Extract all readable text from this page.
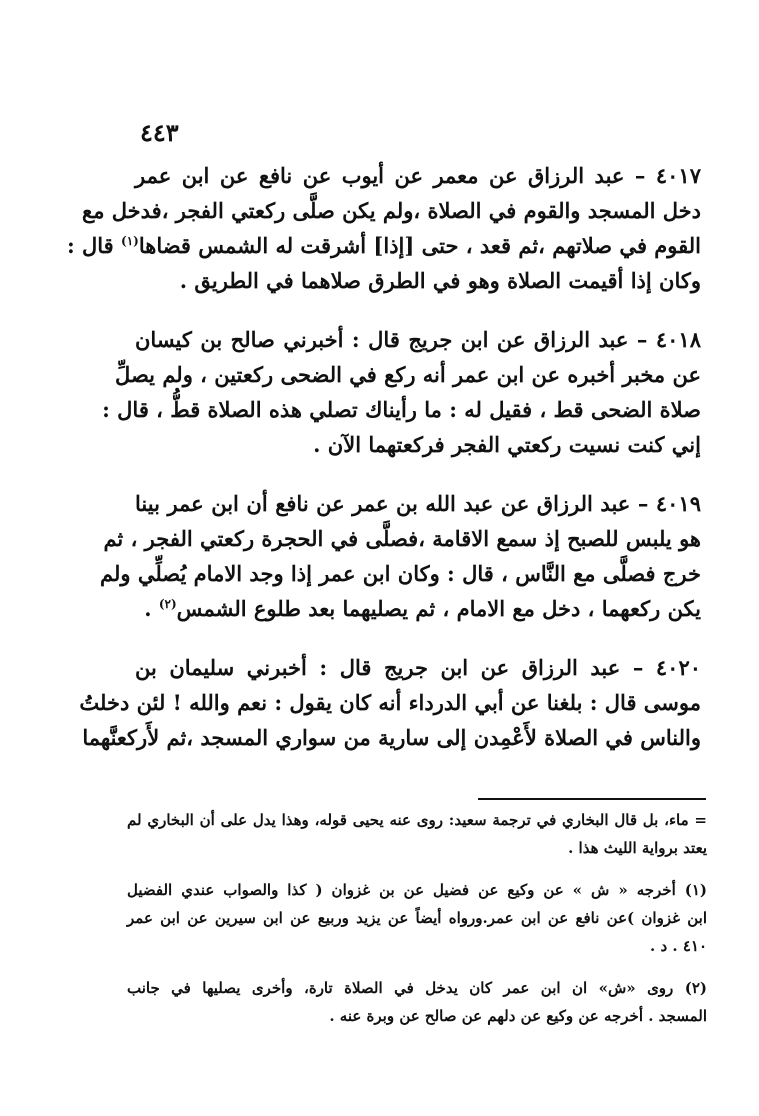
٤٤٣
٤٠١٧ – عبد الرزاق عن معمر عن أيوب عن نافع عن ابن عمر
دخل المسجد والقوم في الصلاة ،ولم يكن صلَّى ركعتي الفجر ،فدخل مع
القوم في صلاتهم ،ثم قعد ، حتى [إذا] أشرقت له الشمس قضاها$^{(١)}$ قال :
وكان إذا أقيمت الصلاة وهو في الطرق صلاهما في الطريق .
٤٠١٨ – عبد الرزاق عن ابن جريج قال : أخبرني صالح بن كيسان
عن مخبر أخبره عن ابن عمر أنه ركع في الضحى ركعتين ، ولم يصلِّ
صلاة الضحى قط ، فقيل له : ما رأيناك تصلي هذه الصلاة قطُّ ، قال :
إني كنت نسيت ركعتي الفجر فركعتهما الآن .
٤٠١٩ – عبد الرزاق عن عبد الله بن عمر عن نافع أن ابن عمر بينا
هو يلبس للصبح إذ سمع الاقامة ،فصلَّى في الحجرة ركعتي الفجر ، ثم
خرج فصلَّى مع النَّاس ، قال : وكان ابن عمر إذا وجد الامام يُصلِّي ولم
يكن ركعهما ، دخل مع الامام ، ثم يصليهما بعد طلوع الشمس$^{(٢)}$ .
٤٠٢٠ – عبد الرزاق عن ابن جريج قال : أخبرني سليمان بن
موسى قال : بلغنا عن أبي الدرداء أنه كان يقول : نعم والله ! لئن دخلتُ
والناس في الصلاة لأَعْمِدن إلى سارية من سواري المسجد ،ثم لأَركعنَّهما
= ماء، بل قال البخاري في ترجمة سعيد: روى عنه يحيى قوله، وهذا يدل على أن البخاري لم
يعتد برواية الليث هذا .
(١) أخرجه « ش » عن وكيع عن فضيل عن بن غزوان ( كذا والصواب عندي الفضيل
ابن غزوان )عن نافع عن ابن عمر.ورواه أيضاً عن يزيد وربيع عن ابن سيرين عن ابن عمر
٤١٠ . د .
(٢) روى «ش» ان ابن عمر كان يدخل في الصلاة تارة، وأخرى يصليها في جانب
المسجد . أخرجه عن وكيع عن دلهم عن صالح عن وبرة عنه .
